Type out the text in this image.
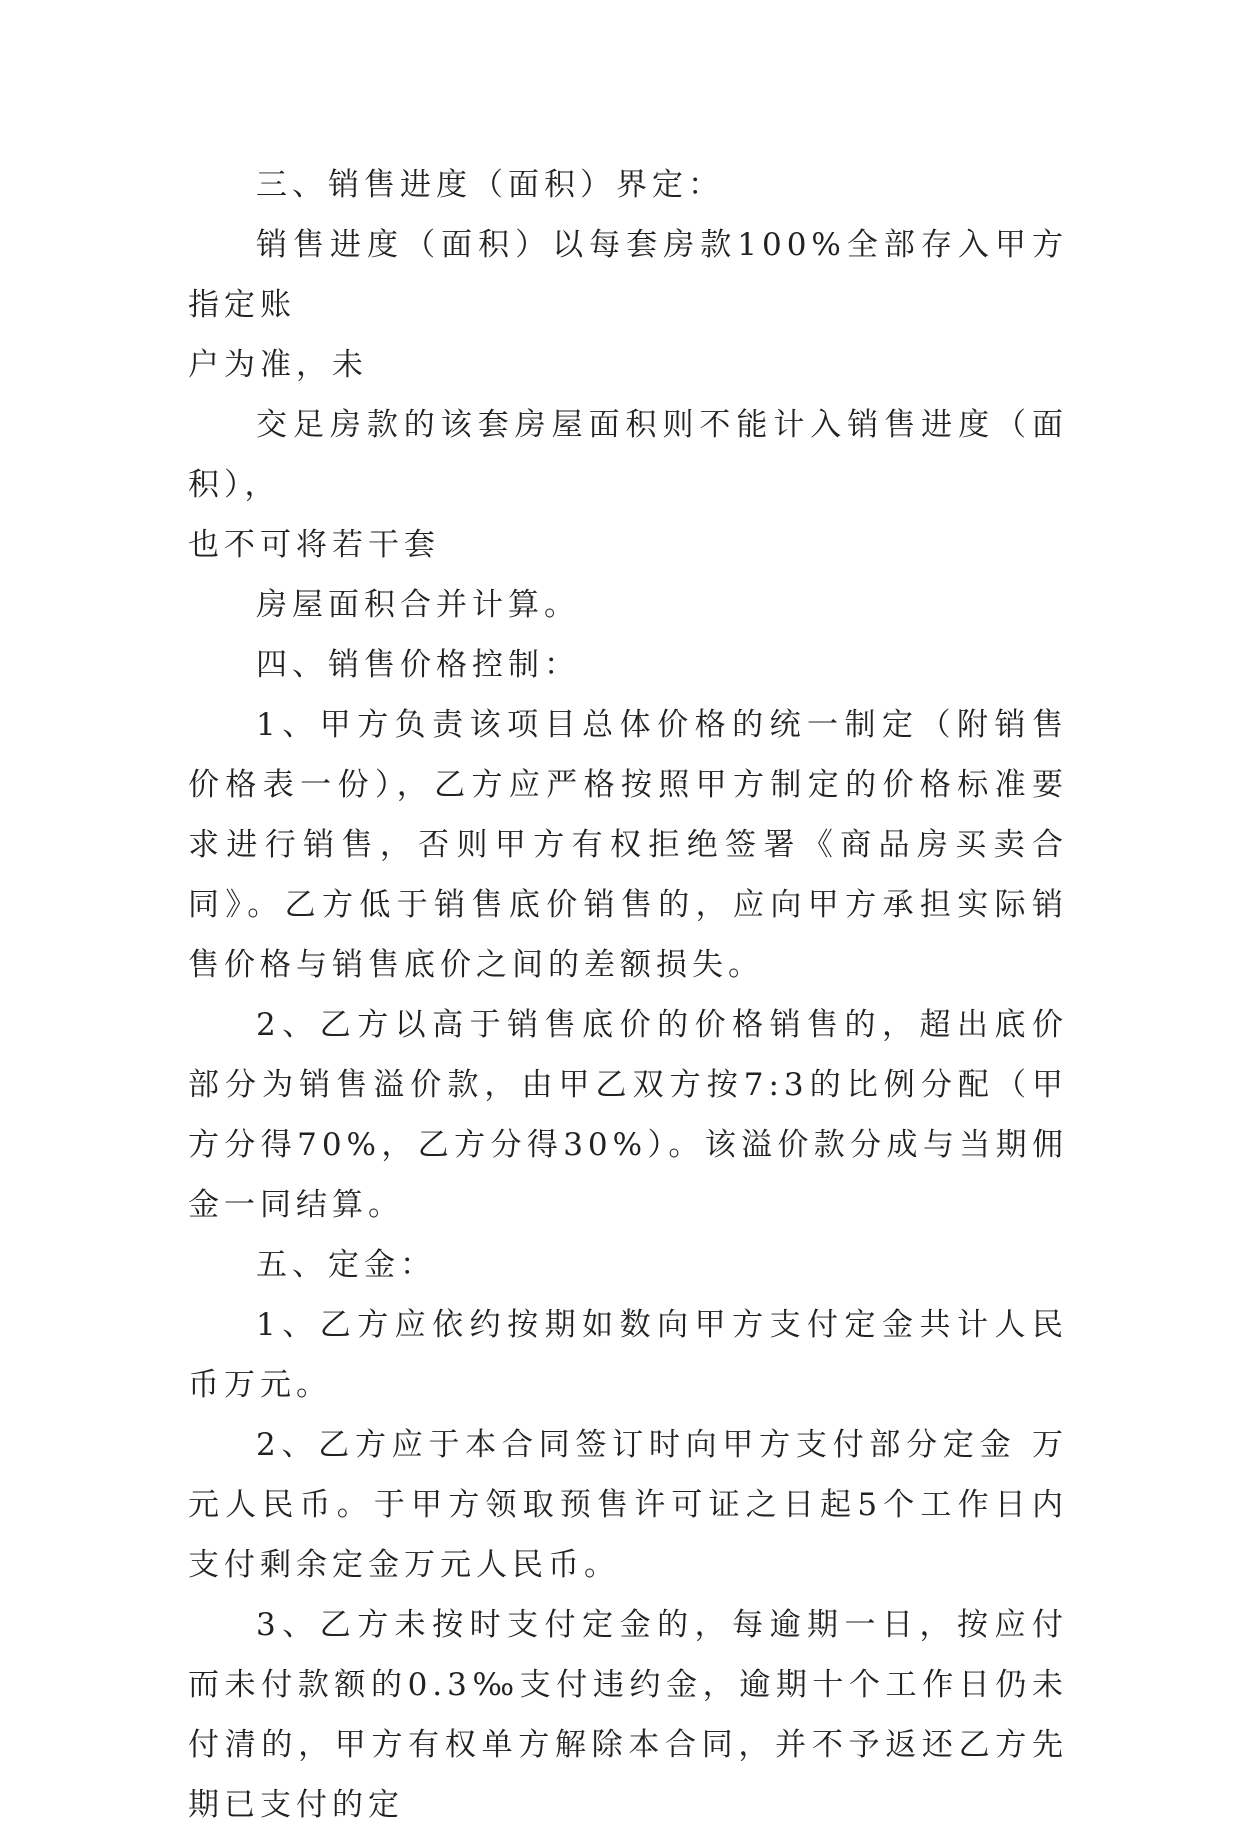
三、销售进度（面积）界定：

销售进度（面积）以每套房款100%全部存入甲方指定账

户为准，未

交足房款的该套房屋面积则不能计入销售进度（面积），

也不可将若干套

房屋面积合并计算。

四、销售价格控制：

1、甲方负责该项目总体价格的统一制定（附销售价格表一份），乙方应严格按照甲方制定的价格标准要求进行销售，否则甲方有权拒绝签署《商品房买卖合同》。乙方低于销售底价销售的，应向甲方承担实际销售价格与销售底价之间的差额损失。

2、乙方以高于销售底价的价格销售的，超出底价部分为销售溢价款，由甲乙双方按7:3的比例分配（甲方分得70%，乙方分得30%）。该溢价款分成与当期佣金一同结算。

五、定金：

1、乙方应依约按期如数向甲方支付定金共计人民币万元。

2、乙方应于本合同签订时向甲方支付部分定金 万元人民币。于甲方领取预售许可证之日起5个工作日内支付剩余定金万元人民币。

3、乙方未按时支付定金的，每逾期一日，按应付而未付款额的0.3‰支付违约金，逾期十个工作日仍未付清的，甲方有权单方解除本合同，并不予返还乙方先期已支付的定
